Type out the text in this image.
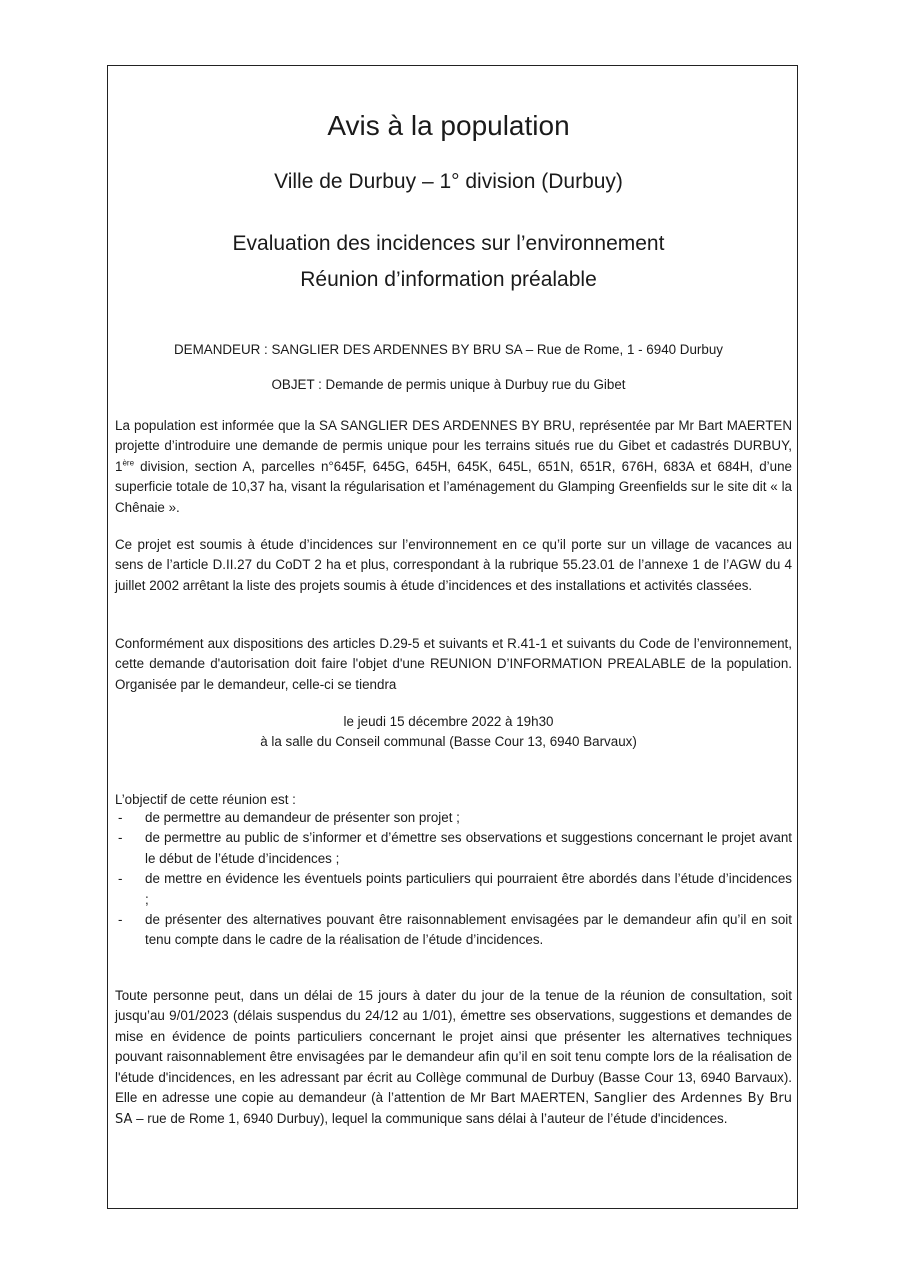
Avis à la population
Ville de Durbuy – 1° division (Durbuy)
Evaluation des incidences sur l’environnement
Réunion d’information préalable
DEMANDEUR : SANGLIER DES ARDENNES BY BRU SA – Rue de Rome, 1 - 6940 Durbuy
OBJET : Demande de permis unique à Durbuy rue du Gibet

La population est informée que la SA SANGLIER DES ARDENNES BY BRU, représentée par Mr Bart MAERTEN projette d’introduire une demande de permis unique pour les terrains situés rue du Gibet et cadastrés DURBUY, 1ère division, section A, parcelles n°645F, 645G, 645H, 645K, 645L, 651N, 651R, 676H, 683A et 684H, d’une superficie totale de 10,37 ha, visant la régularisation et l’aménagement du Glamping Greenfields sur le site dit « la Chênaie ».

Ce projet est soumis à étude d’incidences sur l’environnement en ce qu’il porte sur un village de vacances au sens de l’article D.II.27 du CoDT 2 ha et plus, correspondant à la rubrique 55.23.01 de l’annexe 1 de l’AGW du 4 juillet 2002 arrêtant la liste des projets soumis à étude d’incidences et des installations et activités classées.

Conformément aux dispositions des articles D.29-5 et suivants et R.41-1 et suivants du Code de l’environnement, cette demande d'autorisation doit faire l'objet d'une REUNION D’INFORMATION PREALABLE de la population. Organisée par le demandeur, celle-ci se tiendra

le jeudi 15 décembre 2022 à 19h30
à la salle du Conseil communal (Basse Cour 13, 6940 Barvaux)
L’objectif de cette réunion est :
- de permettre au demandeur de présenter son projet ;
- de permettre au public de s’informer et d’émettre ses observations et suggestions concernant le projet avant le début de l’étude d’incidences ;
- de mettre en évidence les éventuels points particuliers qui pourraient être abordés dans l’étude d’incidences ;
- de présenter des alternatives pouvant être raisonnablement envisagées par le demandeur afin qu’il en soit tenu compte dans le cadre de la réalisation de l’étude d’incidences.

Toute personne peut, dans un délai de 15 jours à dater du jour de la tenue de la réunion de consultation, soit jusqu’au 9/01/2023 (délais suspendus du 24/12 au 1/01), émettre ses observations, suggestions et demandes de mise en évidence de points particuliers concernant le projet ainsi que présenter les alternatives techniques pouvant raisonnablement être envisagées par le demandeur afin qu’il en soit tenu compte lors de la réalisation de l'étude d'incidences, en les adressant par écrit au Collège communal de Durbuy (Basse Cour 13, 6940 Barvaux). Elle en adresse une copie au demandeur (à l’attention de Mr Bart MAERTEN, Sanglier des Ardennes By Bru SA – rue de Rome 1, 6940 Durbuy), lequel la communique sans délai à l’auteur de l’étude d'incidences.
